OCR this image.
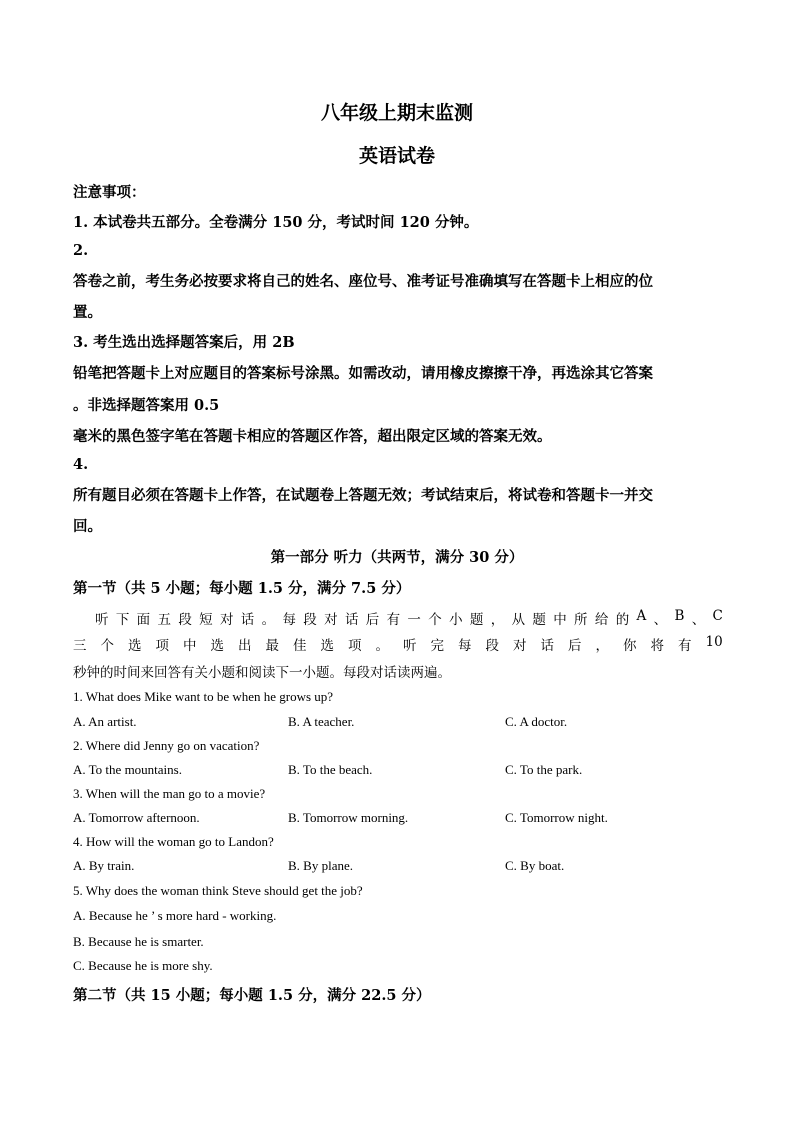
八年级上期末监测
英语试卷
注意事项：
1. 本试卷共五部分。全卷满分 150 分，考试时间 120 分钟。
2.
答卷之前，考生务必按要求将自己的姓名、座位号、准考证号准确填写在答题卡上相应的位
置。
3. 考生选出选择题答案后，用 2B
铅笔把答题卡上对应题目的答案标号涂黑。如需改动，请用橡皮擦擦干净，再选涂其它答案
。非选择题答案用 0.5
毫米的黑色签字笔在答题卡相应的答题区作答，超出限定区域的答案无效。
4.
所有题目必须在答题卡上作答，在试题卷上答题无效；考试结束后，将试卷和答题卡一并交
回。
第一部分 听力（共两节，满分 30 分）
第一节（共 5 小题；每小题 1.5 分，满分 7.5 分）
听 下 面 五 段 短 对 话 。 每 段 对 话 后 有 一 个 小 题 ， 从 题 中 所 给 的 A 、 B 、 C
三 个 选 项 中 选 出 最 佳 选 项 。 听 完 每 段 对 话 后 ， 你 将 有 10
秒钟的时间来回答有关小题和阅读下一小题。每段对话读两遍。
1. What does Mike want to be when he grows up?
A. An artist.	B. A teacher.	C. A doctor.
2. Where did Jenny go on vacation?
A. To the mountains.	B. To the beach.	C. To the park.
3. When will the man go to a movie?
A. Tomorrow afternoon.	B. Tomorrow morning.	C. Tomorrow night.
4. How will the woman go to Landon?
A. By train.	B. By plane.	C. By boat.
5. Why does the woman think Steve should get the job?
A. Because he ’ s more hard - working.
B. Because he is smarter.
C. Because he is more shy.
第二节（共 15 小题；每小题 1.5 分，满分 22.5 分）
